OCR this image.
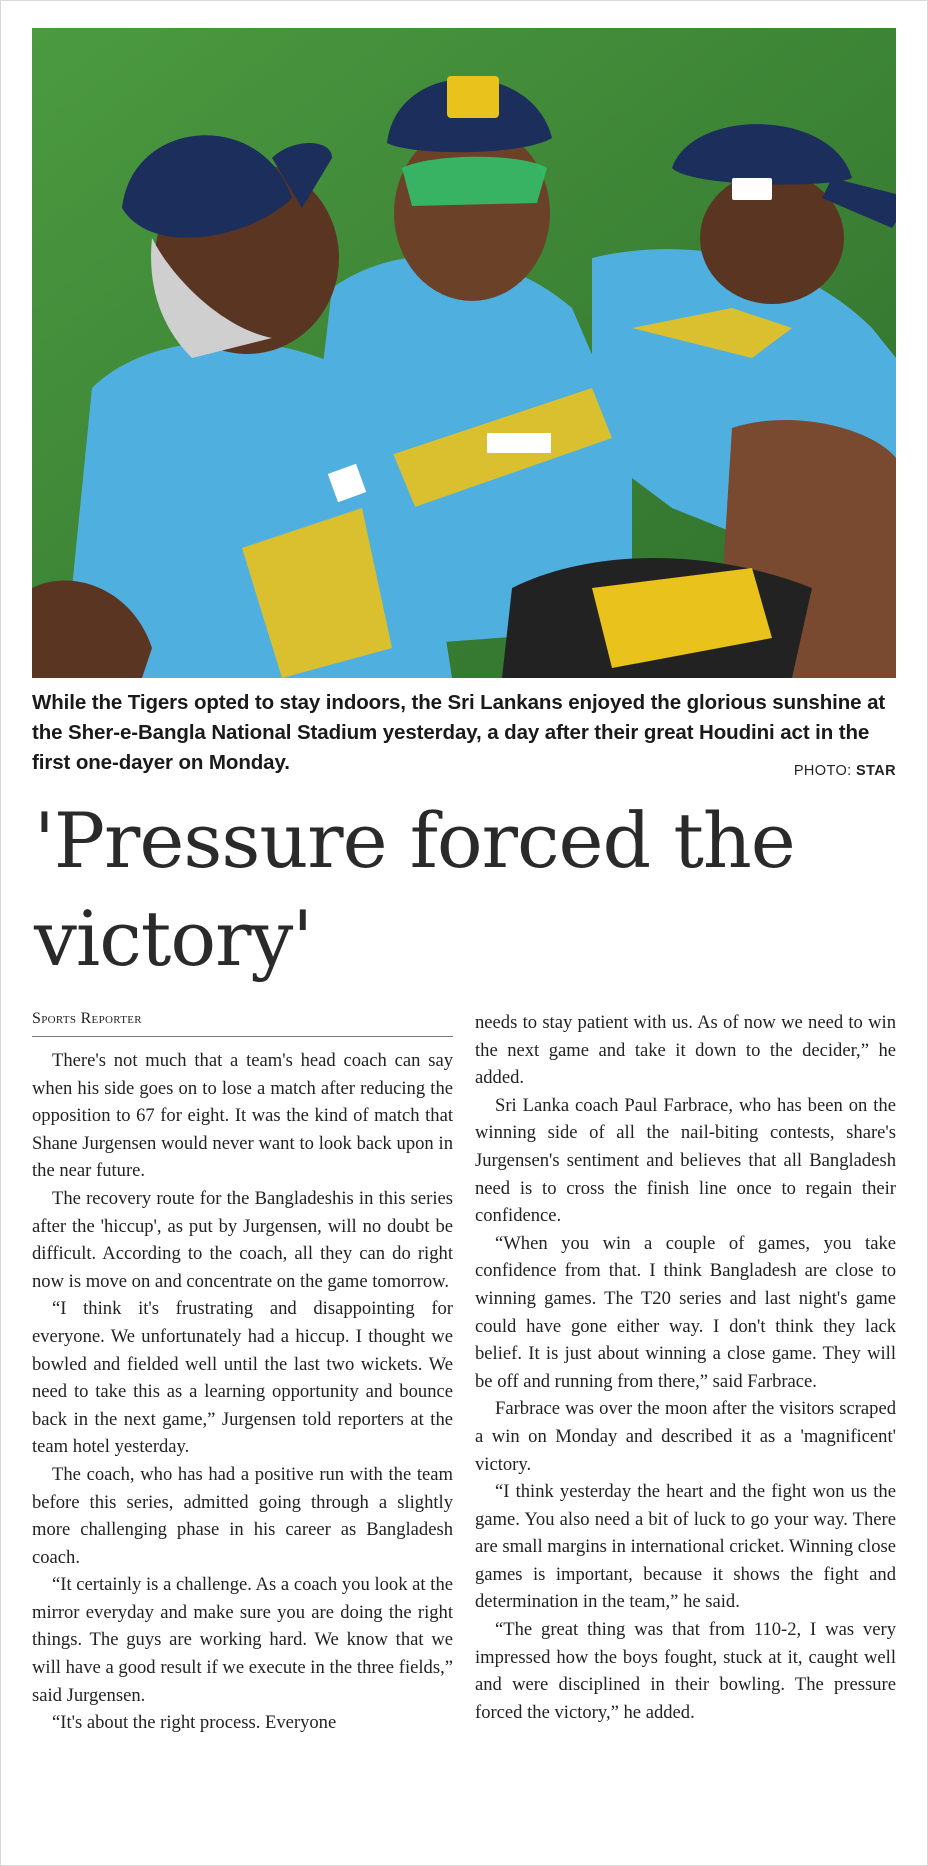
While the Tigers opted to stay indoors, the Sri Lankans enjoyed the glorious sunshine at the Sher-e-Bangla National Stadium yesterday, a day after their great Houdini act in the first one-dayer on Monday.	PHOTO: STAR
'Pressure forced the victory'
Sports Reporter

There's not much that a team's head coach can say when his side goes on to lose a match after reducing the opposition to 67 for eight. It was the kind of match that Shane Jurgensen would never want to look back upon in the near future.

The recovery route for the Bangladeshis in this series after the 'hiccup', as put by Jurgensen, will no doubt be difficult. According to the coach, all they can do right now is move on and concentrate on the game tomorrow.

“I think it's frustrating and disappointing for everyone. We unfortunately had a hiccup. I thought we bowled and fielded well until the last two wickets. We need to take this as a learning opportunity and bounce back in the next game,” Jurgensen told reporters at the team hotel yesterday.

The coach, who has had a positive run with the team before this series, admitted going through a slightly more challenging phase in his career as Bangladesh coach.

“It certainly is a challenge. As a coach you look at the mirror everyday and make sure you are doing the right things. The guys are working hard. We know that we will have a good result if we execute in the three fields,” said Jurgensen.

“It's about the right process. Everyone

needs to stay patient with us. As of now we need to win the next game and take it down to the decider,” he added.

Sri Lanka coach Paul Farbrace, who has been on the winning side of all the nail-biting contests, share's Jurgensen's sentiment and believes that all Bangladesh need is to cross the finish line once to regain their confidence.

“When you win a couple of games, you take confidence from that. I think Bangladesh are close to winning games. The T20 series and last night's game could have gone either way. I don't think they lack belief. It is just about winning a close game. They will be off and running from there,” said Farbrace.

Farbrace was over the moon after the visitors scraped a win on Monday and described it as a 'magnificent' victory.

“I think yesterday the heart and the fight won us the game. You also need a bit of luck to go your way. There are small margins in international cricket. Winning close games is important, because it shows the fight and determination in the team,” he said.

“The great thing was that from 110-2, I was very impressed how the boys fought, stuck at it, caught well and were disciplined in their bowling. The pressure forced the victory,” he added.
